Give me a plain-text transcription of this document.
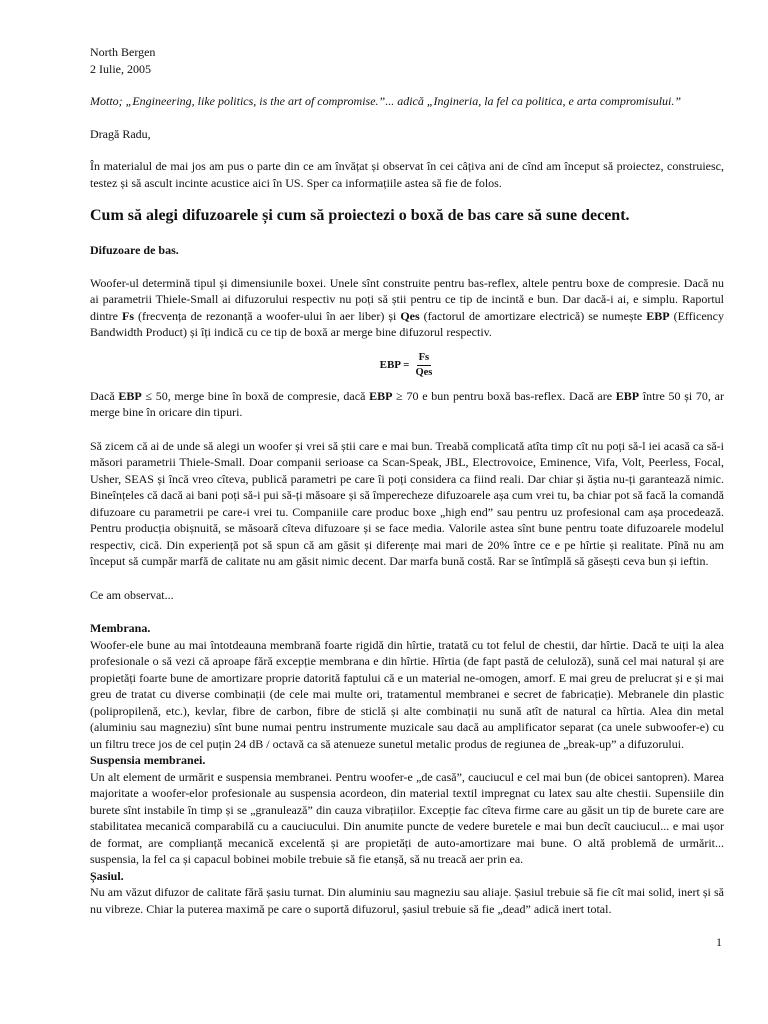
North Bergen

2 Iulie, 2005

Motto; „Engineering, like politics, is the art of compromise.”... adică „Ingineria, la fel ca politica, e arta compromisului.”

Dragă Radu,

În materialul de mai jos am pus o parte din ce am învățat și observat în cei câțiva ani de cînd am început să proiectez, construiesc, testez și să ascult incinte acustice aici în US. Sper ca informațiile astea să fie de folos.

Cum să alegi difuzoarele și cum să proiectezi o boxă de bas care să sune decent.

Difuzoare de bas.

Woofer-ul determină tipul și dimensiunile boxei. Unele sînt construite pentru bas-reflex, altele pentru boxe de compresie. Dacă nu ai parametrii Thiele-Small ai difuzorului respectiv nu poți să știi pentru ce tip de incintă e bun. Dar dacă-i ai, e simplu. Raportul dintre Fs (frecvența de rezonanță a woofer-ului în aer liber) și Qes (factorul de amortizare electrică) se numește EBP (Efficency Bandwidth Product) și îți indică cu ce tip de boxă ar merge bine difuzorul respectiv.

EBP = $\frac{Fs}{\text{Qes}}$

Dacă EBP ≤ 50, merge bine în boxă de compresie, dacă EBP ≥ 70 e bun pentru boxă bas-reflex. Dacă are EBP între 50 și 70, ar merge bine în oricare din tipuri.

Să zicem că ai de unde să alegi un woofer și vrei să știi care e mai bun. Treabă complicată atîta timp cît nu poți să-l iei acasă ca să-i măsori parametrii Thiele-Small. Doar companii serioase ca Scan-Speak, JBL, Electrovoice, Eminence, Vifa, Volt, Peerless, Focal, Usher, SEAS și încă vreo cîteva, publică parametri pe care îi poți considera ca fiind reali. Dar chiar și ăștia nu-ți garantează nimic. Bineînțeles că dacă ai bani poți să-i pui să-ți măsoare și să împerecheze difuzoarele așa cum vrei tu, ba chiar pot să facă la comandă difuzoare cu parametrii pe care-i vrei tu. Companiile care produc boxe „high end” sau pentru uz profesional cam așa procedează. Pentru producția obișnuită, se măsoară cîteva difuzoare și se face media. Valorile astea sînt bune pentru toate difuzoarele modelul respectiv, cică. Din experiență pot să spun că am găsit și diferențe mai mari de 20% între ce e pe hîrtie și realitate. Pînă nu am început să cumpăr marfă de calitate nu am găsit nimic decent. Dar marfa bună costă. Rar se întîmplă să găsești ceva bun și ieftin.

Ce am observat...

Membrana.

Woofer-ele bune au mai întotdeauna membrană foarte rigidă din hîrtie, tratată cu tot felul de chestii, dar hîrtie. Dacă te uiți la alea profesionale o să vezi că aproape fără excepție membrana e din hîrtie. Hîrtia (de fapt pastă de celuloză), sună cel mai natural și are propietăți foarte bune de amortizare proprie datorită faptului că e un material ne-omogen, amorf. E mai greu de prelucrat și e și mai greu de tratat cu diverse combinații (de cele mai multe ori, tratamentul membranei e secret de fabricație). Mebranele din plastic (polipropilenă, etc.), kevlar, fibre de carbon, fibre de sticlă și alte combinații nu sună atît de natural ca hîrtia. Alea din metal (aluminiu sau magneziu) sînt bune numai pentru instrumente muzicale sau dacă au amplificator separat (ca unele subwoofer-e) cu un filtru trece jos de cel puțin 24 dB / octavă ca să atenueze sunetul metalic produs de regiunea de „break-up” a difuzorului.

Suspensia membranei.

Un alt element de urmărit e suspensia membranei. Pentru woofer-e „de casă”, cauciucul e cel mai bun (de obicei santopren). Marea majoritate a woofer-elor profesionale au suspensia acordeon, din material textil impregnat cu latex sau alte chestii. Supensiile din burete sînt instabile în timp și se „granulează” din cauza vibrațiilor. Excepție fac cîteva firme care au găsit un tip de burete care are stabilitatea mecanică comparabilă cu a cauciucului. Din anumite puncte de vedere buretele e mai bun decît cauciucul... e mai ușor de format, are complianță mecanică excelentă și are propietăți de auto-amortizare mai bune. O altă problemă de urmărit... suspensia, la fel ca și capacul bobinei mobile trebuie să fie etanșă, să nu treacă aer prin ea.

Șasiul.

Nu am văzut difuzor de calitate fără șasiu turnat. Din aluminiu sau magneziu sau aliaje. Șasiul trebuie să fie cît mai solid, inert și să nu vibreze. Chiar la puterea maximă pe care o suportă difuzorul, șasiul trebuie să fie „dead” adică inert total.

1
